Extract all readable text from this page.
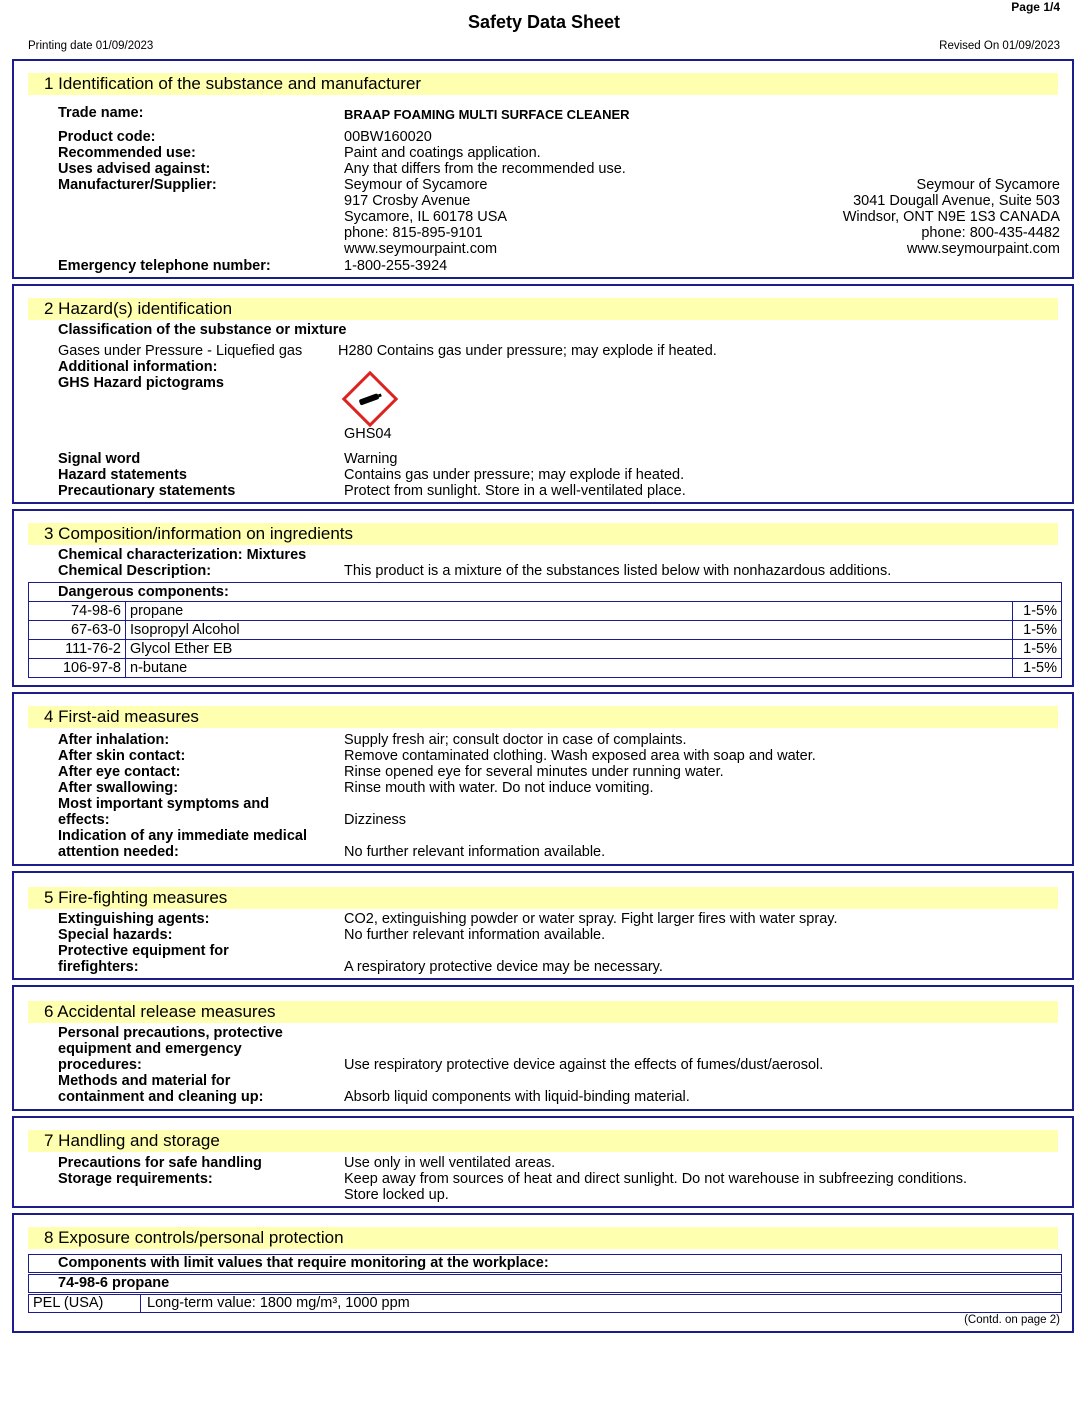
Page 1/4
Safety Data Sheet
Printing date 01/09/2023	Revised On 01/09/2023
1 Identification of the substance and manufacturer
Trade name:	BRAAP FOAMING MULTI SURFACE CLEANER
Product code:	00BW160020
Recommended use:	Paint and coatings application.
Uses advised against:	Any that differs from the recommended use.
Manufacturer/Supplier:	Seymour of Sycamore	Seymour of Sycamore
917 Crosby Avenue	3041 Dougall Avenue, Suite 503
Sycamore, IL 60178 USA	Windsor, ONT N9E 1S3 CANADA
phone: 815-895-9101	phone: 800-435-4482
www.seymourpaint.com	www.seymourpaint.com
Emergency telephone number:	1-800-255-3924
2 Hazard(s) identification
Classification of the substance or mixture
Gases under Pressure - Liquefied gas H280 Contains gas under pressure; may explode if heated.
Additional information:
GHS Hazard pictograms
GHS04
Signal word	Warning
Hazard statements	Contains gas under pressure; may explode if heated.
Precautionary statements	Protect from sunlight. Store in a well-ventilated place.
3 Composition/information on ingredients
Chemical characterization: Mixtures
Chemical Description:	This product is a mixture of the substances listed below with nonhazardous additions.
Dangerous components:		
74-98-6	propane	1-5%
67-63-0	Isopropyl Alcohol	1-5%
111-76-2	Glycol Ether EB	1-5%
106-97-8	n-butane	1-5%
4 First-aid measures
After inhalation:	Supply fresh air; consult doctor in case of complaints.
After skin contact:	Remove contaminated clothing. Wash exposed area with soap and water.
After eye contact:	Rinse opened eye for several minutes under running water.
After swallowing:	Rinse mouth with water. Do not induce vomiting.
Most important symptoms and
effects:	Dizziness
Indication of any immediate medical
attention needed:	No further relevant information available.
5 Fire-fighting measures
Extinguishing agents:	CO2, extinguishing powder or water spray. Fight larger fires with water spray.
Special hazards:	No further relevant information available.
Protective equipment for
firefighters:	A respiratory protective device may be necessary.
6 Accidental release measures
Personal precautions, protective
equipment and emergency
procedures:	Use respiratory protective device against the effects of fumes/dust/aerosol.
Methods and material for
containment and cleaning up:	Absorb liquid components with liquid-binding material.
7 Handling and storage
Precautions for safe handling	Use only in well ventilated areas.
Storage requirements:	Keep away from sources of heat and direct sunlight. Do not warehouse in subfreezing conditions.
Store locked up.
8 Exposure controls/personal protection
Components with limit values that require monitoring at the workplace:
74-98-6 propane
PEL (USA)	Long-term value: 1800 mg/m³, 1000 ppm
(Contd. on page 2)
